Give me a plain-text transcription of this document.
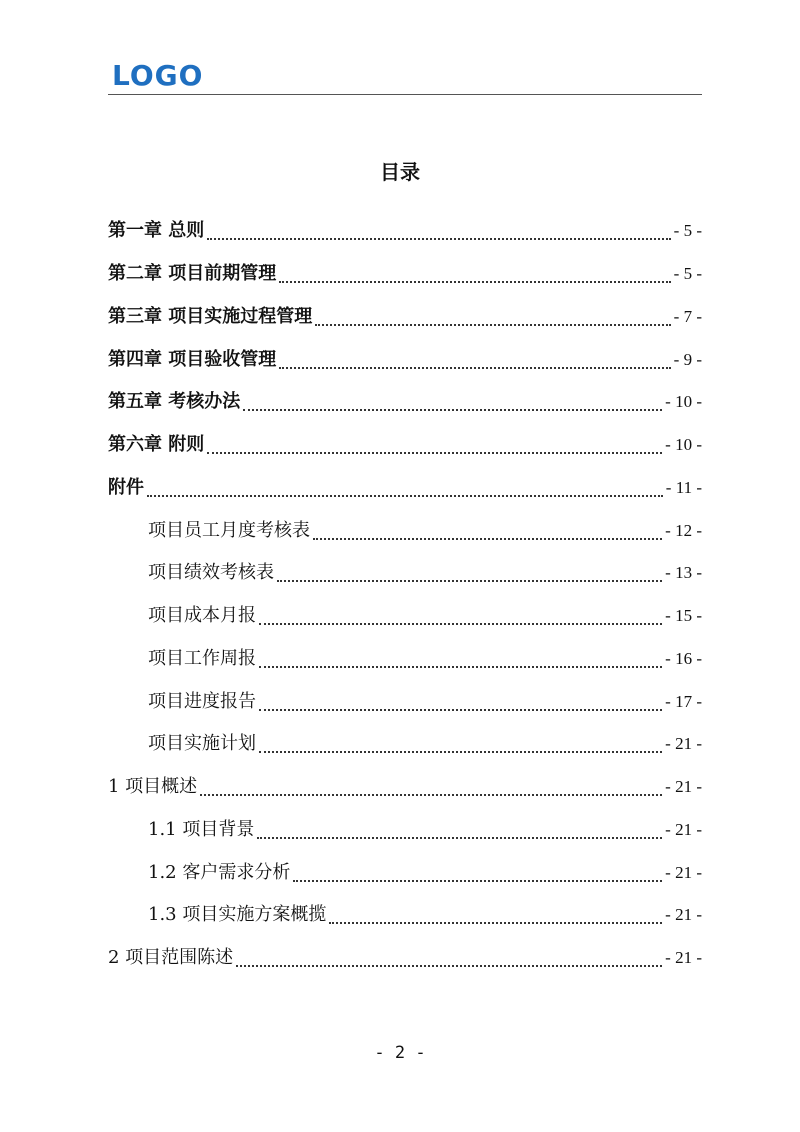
LOGO
目录
第一章 总则	- 5 -
第二章 项目前期管理	- 5 -
第三章 项目实施过程管理	- 7 -
第四章 项目验收管理	- 9 -
第五章 考核办法	- 10 -
第六章 附则	- 10 -
附件	- 11 -
项目员工月度考核表	- 12 -
项目绩效考核表	- 13 -
项目成本月报	- 15 -
项目工作周报	- 16 -
项目进度报告	- 17 -
项目实施计划	- 21 -
1 项目概述	- 21 -
1.1 项目背景	- 21 -
1.2 客户需求分析	- 21 -
1.3 项目实施方案概揽	- 21 -
2 项目范围陈述	- 21 -
- 2 -
